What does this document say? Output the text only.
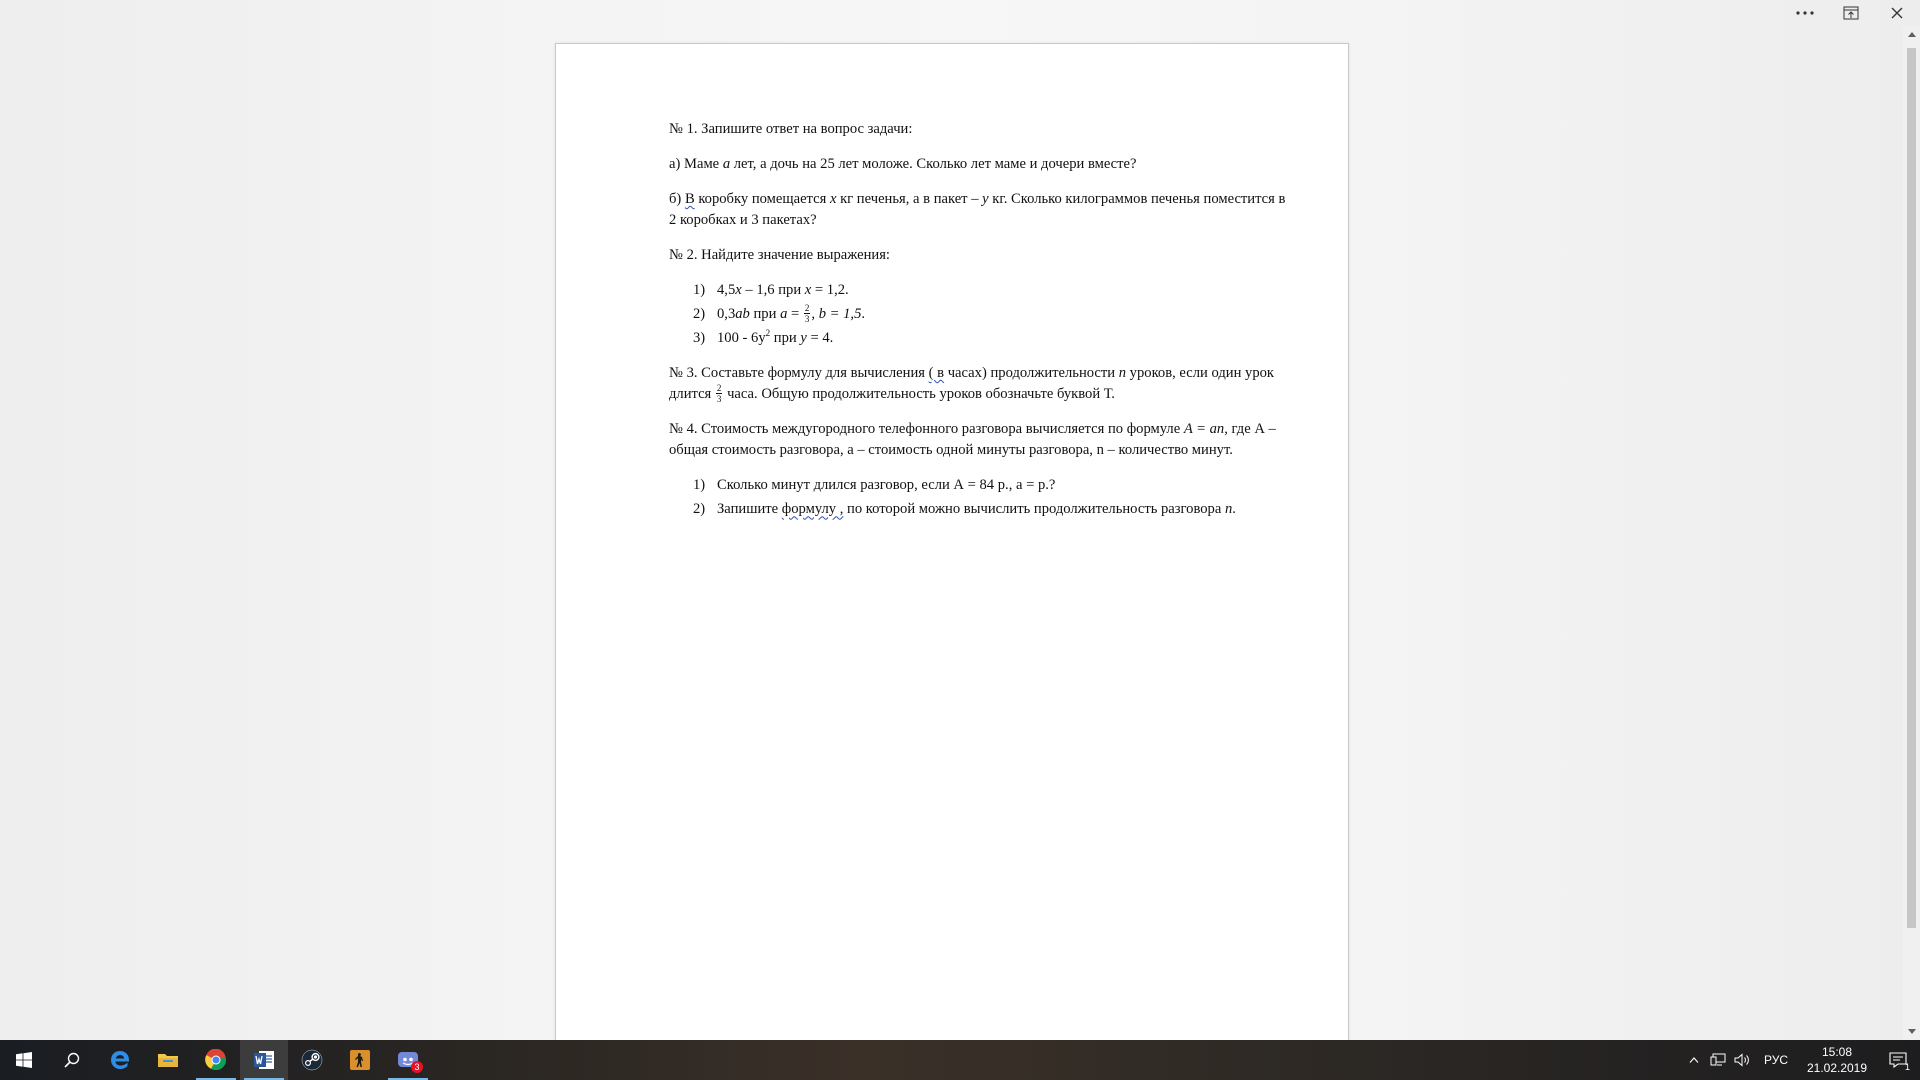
№ 1. Запишите ответ на вопрос задачи:

а) Маме a лет, а дочь на 25 лет моложе. Сколько лет маме и дочери вместе?

б) В коробку помещается x кг печенья, а в пакет – y кг. Сколько килограммов печенья поместится в 2 коробках и 3 пакетах?

№ 2. Найдите значение выражения:

1) 4,5x – 1,6 при x = 1,2.
2) 0,3ab при $a = \frac{2}{3}$ , b = 1,5.
3) $100 - 6y^2$ при y = 4.

№ 3. Составьте формулу для вычисления ( в часах) продолжительности n уроков, если один урок длится $\frac{2}{3}$ часа. Общую продолжительность уроков обозначьте буквой Т.

№ 4. Стоимость междугородного телефонного разговора вычисляется по формуле A = an, где А – общая стоимость разговора, а – стоимость одной минуты разговора, n – количество минут.

1) Сколько минут длился разговор, если А = 84 р., а = р.?
2) Запишите формулу , по которой можно вычислить продолжительность разговора n.
3	РУС
15:08
21.02.2019	1
